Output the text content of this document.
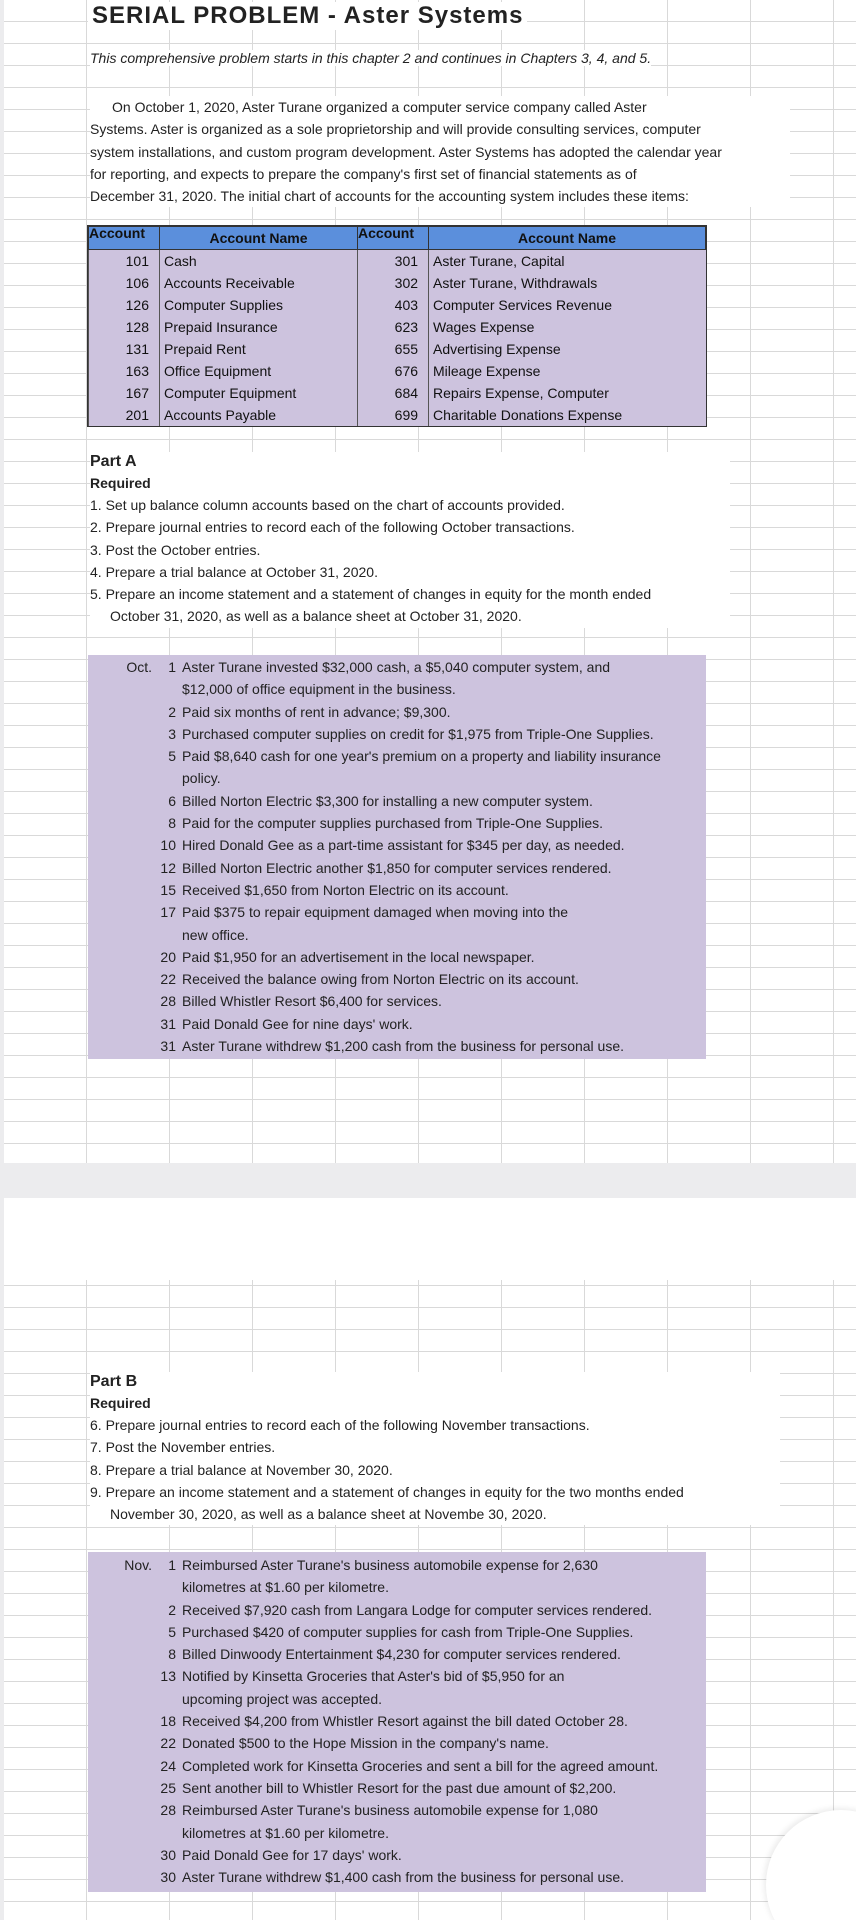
SERIAL PROBLEM - Aster Systems
This comprehensive problem starts in this chapter 2 and continues in Chapters 3, 4, and 5.
On October 1, 2020, Aster Turane organized a computer service company called Aster
Systems. Aster is organized as a sole proprietorship and will provide consulting services, computer
system installations, and custom program development. Aster Systems has adopted the calendar year
for reporting, and expects to prepare the company's first set of financial statements as of
December 31, 2020. The initial chart of accounts for the accounting system includes these items:
Account	Account Name	Account	Account Name
101	Cash	301	Aster Turane, Capital
106	Accounts Receivable	302	Aster Turane, Withdrawals
126	Computer Supplies	403	Computer Services Revenue
128	Prepaid Insurance	623	Wages Expense
131	Prepaid Rent	655	Advertising Expense
163	Office Equipment	676	Mileage Expense
167	Computer Equipment	684	Repairs Expense, Computer
201	Accounts Payable	699	Charitable Donations Expense
Part A
Required
1. Set up balance column accounts based on the chart of accounts provided.
2. Prepare journal entries to record each of the following October transactions.
3. Post the October entries.
4. Prepare a trial balance at October 31, 2020.
5. Prepare an income statement and a statement of changes in equity for the month ended
October 31, 2020, as well as a balance sheet at October 31, 2020.
Oct.	1 Aster Turane invested $32,000 cash, a $5,040 computer system, and
$12,000 of office equipment in the business.
2 Paid six months of rent in advance; $9,300.
3 Purchased computer supplies on credit for $1,975 from Triple-One Supplies.
5 Paid $8,640 cash for one year's premium on a property and liability insurance
policy.
6 Billed Norton Electric $3,300 for installing a new computer system.
8 Paid for the computer supplies purchased from Triple-One Supplies.
10 Hired Donald Gee as a part-time assistant for $345 per day, as needed.
12 Billed Norton Electric another $1,850 for computer services rendered.
15 Received $1,650 from Norton Electric on its account.
17 Paid $375 to repair equipment damaged when moving into the
new office.
20 Paid $1,950 for an advertisement in the local newspaper.
22 Received the balance owing from Norton Electric on its account.
28 Billed Whistler Resort $6,400 for services.
31 Paid Donald Gee for nine days' work.
31 Aster Turane withdrew $1,200 cash from the business for personal use.
Part B
Required
6. Prepare journal entries to record each of the following November transactions.
7. Post the November entries.
8. Prepare a trial balance at November 30, 2020.
9. Prepare an income statement and a statement of changes in equity for the two months ended
November 30, 2020, as well as a balance sheet at Novembe 30, 2020.
Nov.	1 Reimbursed Aster Turane's business automobile expense for 2,630
kilometres at $1.60 per kilometre.
2 Received $7,920 cash from Langara Lodge for computer services rendered.
5 Purchased $420 of computer supplies for cash from Triple-One Supplies.
8 Billed Dinwoody Entertainment $4,230 for computer services rendered.
13 Notified by Kinsetta Groceries that Aster's bid of $5,950 for an
upcoming project was accepted.
18 Received $4,200 from Whistler Resort against the bill dated October 28.
22 Donated $500 to the Hope Mission in the company's name.
24 Completed work for Kinsetta Groceries and sent a bill for the agreed amount.
25 Sent another bill to Whistler Resort for the past due amount of $2,200.
28 Reimbursed Aster Turane's business automobile expense for 1,080
kilometres at $1.60 per kilometre.
30 Paid Donald Gee for 17 days' work.
30 Aster Turane withdrew $1,400 cash from the business for personal use.
